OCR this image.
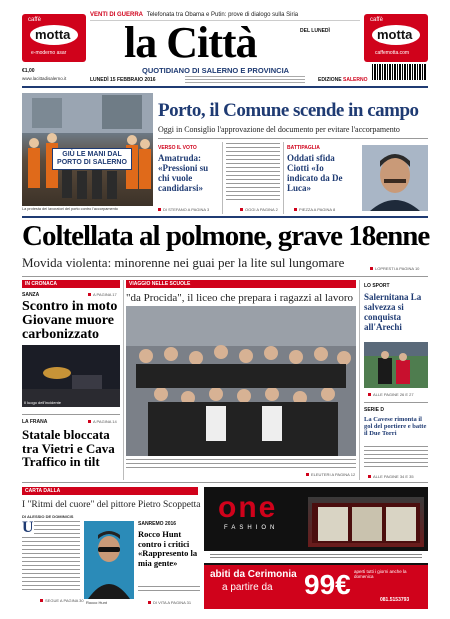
caffè
motta
e-moderno asar
caffè
motta
caffemotta.com
VENTI DI GUERRA Telefonata tra Obama e Putin: prove di dialogo sulla Siria
la Città	DEL LUNEDÌ
QUOTIDIANO DI SALERNO E PROVINCIA
€1,00
www.lacittadisalerno.it	LUNEDÌ 15 FEBBRAIO 2016	EDIZIONE SALERNO
GIÙ LE MANI DAL PORTO DI SALERNO
La protesta dei lavoratori del porto contro l'accorpamento
Porto, il Comune scende in campo
Oggi in Consiglio l'approvazione del documento per evitare l'accorpamento
VERSO IL VOTO
Amatruda: «Pressioni su chi vuole candidarsi»
DI STEFANO A PAGINA 3	OGGI A PAGINA 2
BATTIPAGLIA
Oddati sfida Ciotti «Io indicato da De Luca»
PIEZZA A PAGINA 8
Coltellata al polmone, grave 18enne
Movida violenta: minorenne nei guai per la lite sul lungomare	LOPRESTI A PAGINA 10
IN CRONACA
SANZA	A PAGINA 17
Scontro in moto Giovane muore carbonizzato
Il luogo dell'incidente
LA FRANA	A PAGINA 14
Statale bloccata tra Vietri e Cava Traffico in tilt
VIAGGIO NELLE SCUOLE
"da Procida", il liceo che prepara i ragazzi al lavoro
ELEUTERI A PAGINA 12
LO SPORT
Salernitana La salvezza si conquista all'Arechi
ALLE PAGINE 26 E 27
SERIE D
La Cavese rimonta il gol del portiere e batte il Due Torri
ALLE PAGINE 34 E 35
CARTA DALLA
I "Ritmi del cuore" del pittore Pietro Scoppetta
DI ALESSIO DE DOMINICIS
U
SEGUE A PAGINA 30 Rocco Hunt
SANREMO 2016
Rocco Hunt contro i critici «Rappresento la mia gente»
DI VITA A PAGINA 31
one
FASHION
abiti da Cerimonia
a partire da 99€ aperti tutti i giorni anche la domenica
081.5153793
